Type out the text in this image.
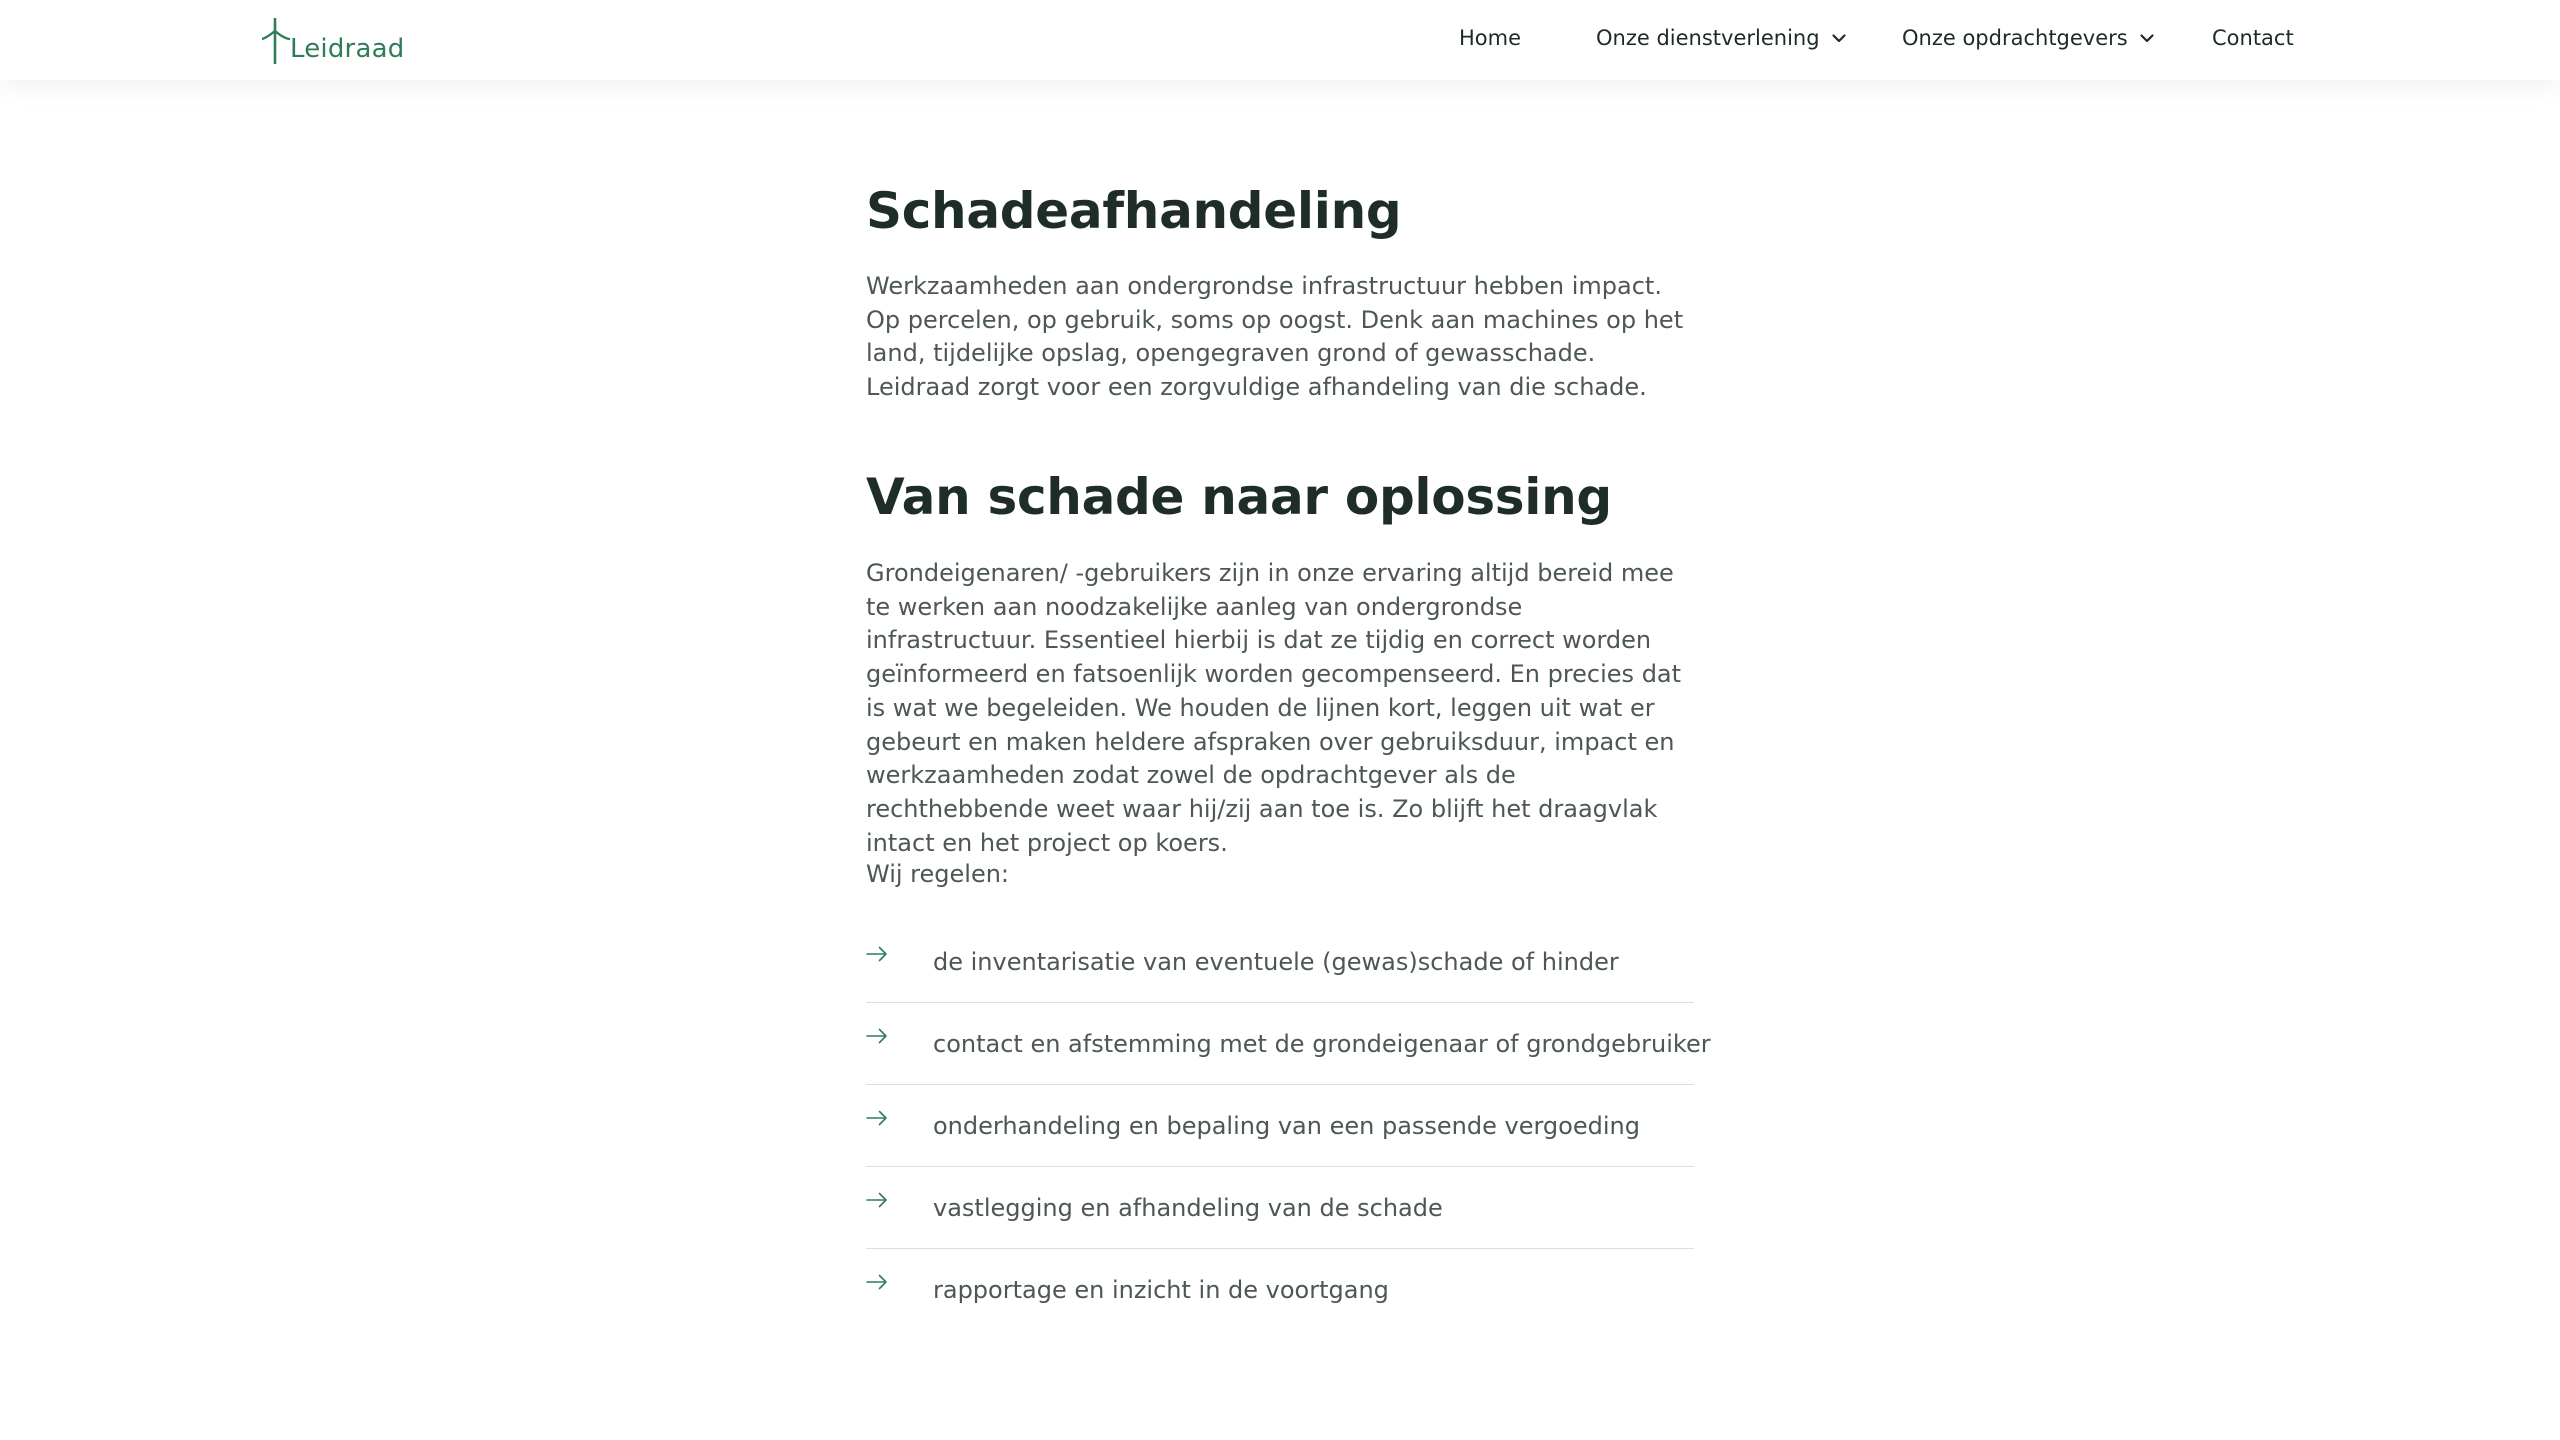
Leidraad	Home	Onze dienstverlening	Onze opdrachtgevers	Contact
Schadeafhandeling

Werkzaamheden aan ondergrondse infrastructuur hebben impact. Op percelen, op gebruik, soms op oogst. Denk aan machines op het land, tijdelijke opslag, opengegraven grond of gewasschade. Leidraad zorgt voor een zorgvuldige afhandeling van die schade.

Van schade naar oplossing

Grondeigenaren/ -gebruikers zijn in onze ervaring altijd bereid mee te werken aan noodzakelijke aanleg van ondergrondse infrastructuur. Essentieel hierbij is dat ze tijdig en correct worden geïnformeerd en fatsoenlijk worden gecompenseerd. En precies dat is wat we begeleiden. We houden de lijnen kort, leggen uit wat er gebeurt en maken heldere afspraken over gebruiksduur, impact en werkzaamheden zodat zowel de opdrachtgever als de rechthebbende weet waar hij/zij aan toe is. Zo blijft het draagvlak intact en het project op koers.

Wij regelen:

de inventarisatie van eventuele (gewas)schade of hinder
contact en afstemming met de grondeigenaar of grondgebruiker
onderhandeling en bepaling van een passende vergoeding
vastlegging en afhandeling van de schade
rapportage en inzicht in de voortgang
